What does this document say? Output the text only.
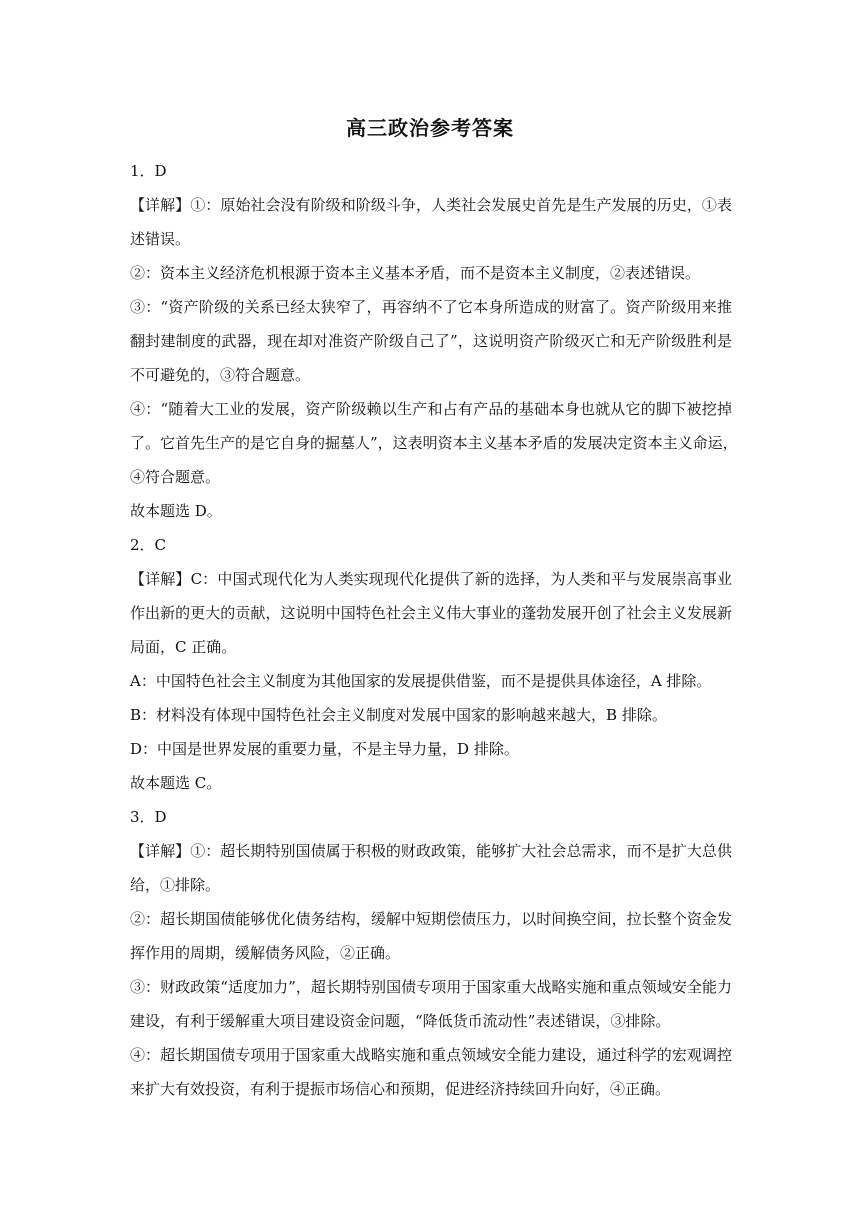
高三政治参考答案
1．D
【详解】①：原始社会没有阶级和阶级斗争，人类社会发展史首先是生产发展的历史，①表
述错误。
②：资本主义经济危机根源于资本主义基本矛盾，而不是资本主义制度，②表述错误。
③：“资产阶级的关系已经太狭窄了，再容纳不了它本身所造成的财富了。资产阶级用来推
翻封建制度的武器，现在却对准资产阶级自己了”，这说明资产阶级灭亡和无产阶级胜利是
不可避免的，③符合题意。
④：“随着大工业的发展，资产阶级赖以生产和占有产品的基础本身也就从它的脚下被挖掉
了。它首先生产的是它自身的掘墓人”，这表明资本主义基本矛盾的发展决定资本主义命运，
④符合题意。
故本题选 D。
2．C
【详解】C：中国式现代化为人类实现现代化提供了新的选择，为人类和平与发展崇高事业
作出新的更大的贡献，这说明中国特色社会主义伟大事业的蓬勃发展开创了社会主义发展新
局面，C 正确。
A：中国特色社会主义制度为其他国家的发展提供借鉴，而不是提供具体途径，A 排除。
B：材料没有体现中国特色社会主义制度对发展中国家的影响越来越大，B 排除。
D：中国是世界发展的重要力量，不是主导力量，D 排除。
故本题选 C。
3．D
【详解】①：超长期特别国债属于积极的财政政策，能够扩大社会总需求，而不是扩大总供
给，①排除。
②：超长期国债能够优化债务结构，缓解中短期偿债压力，以时间换空间，拉长整个资金发
挥作用的周期，缓解债务风险，②正确。
③：财政政策“适度加力”，超长期特别国债专项用于国家重大战略实施和重点领域安全能力
建设，有利于缓解重大项目建设资金问题，“降低货币流动性”表述错误，③排除。
④：超长期国债专项用于国家重大战略实施和重点领域安全能力建设，通过科学的宏观调控
来扩大有效投资，有利于提振市场信心和预期，促进经济持续回升向好，④正确。
